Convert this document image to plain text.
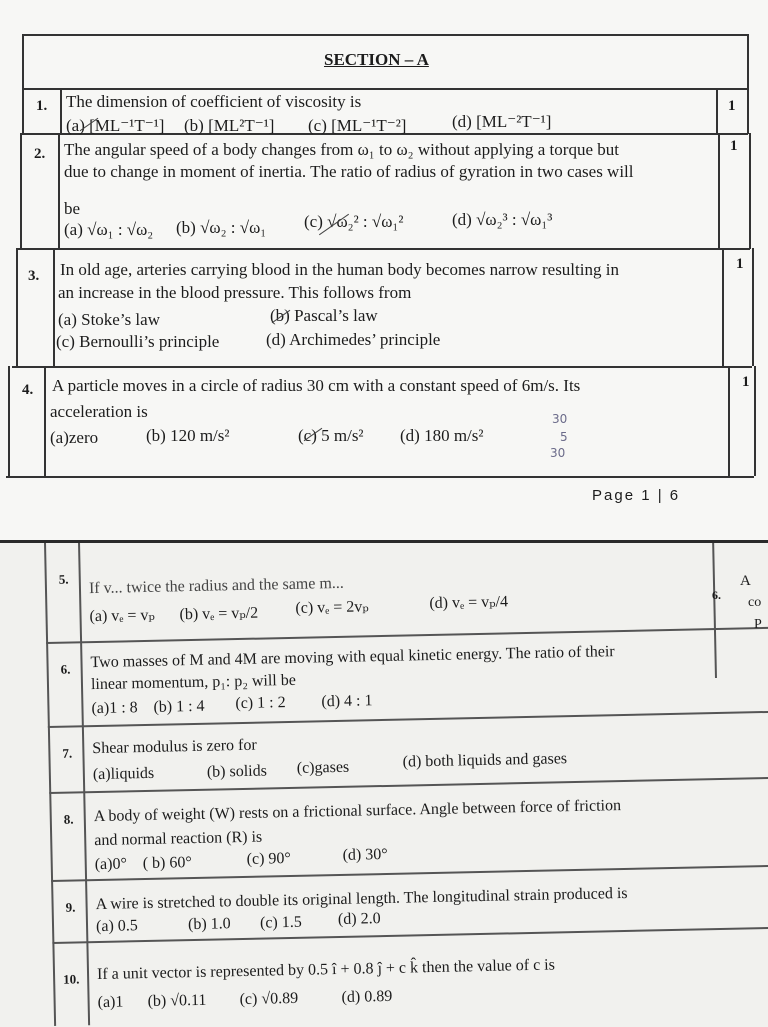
SECTION – A
1. The dimension of coefficient of viscosity is
(a) [ML⁻¹T⁻¹] (b) [ML²T⁻¹] (c) [ML⁻¹T⁻²]	(d) [ML⁻²T⁻¹]
1
2. The angular speed of a body changes from ω₁ to ω₂ without applying a torque but
due to change in moment of inertia. The ratio of radius of gyration in two cases will
be
(a) √ω₁ : √ω₂ (b) √ω₂ : √ω₁ (c) √ω₂² : √ω₁²	(d) √ω₂³ : √ω₁³
1
3. In old age, arteries carrying blood in the human body becomes narrow resulting in
an increase in the blood pressure. This follows from
(a) Stoke’s law	(b) Pascal’s law
(c) Bernoulli’s principle	(d) Archimedes’ principle
1
4. A particle moves in a circle of radius 30 cm with a constant speed of 6m/s. Its
acceleration is
(a)zero	(b) 120 m/s²	(c) 5 m/s² (d) 180 m/s²
1
30
5
30
Page 1 | 6
5. If v... twice the radius and the same m...
(a) vₑ = vₚ (b) vₑ = vₚ/2 (c) vₑ = 2vₚ	(d) vₑ = vₚ/4
6. Two masses of M and 4M are moving with equal kinetic energy. The ratio of their
linear momentum, p₁: p₂ will be
(a)1 : 8 (b) 1 : 4 (c) 1 : 2 (d) 4 : 1
7. Shear modulus is zero for
(a)liquids	(b) solids (c)gases	(d) both liquids and gases
8. A body of weight (W) rests on a frictional surface. Angle between force of friction
and normal reaction (R) is
(a)0° ( b) 60°	(c) 90°	(d) 30°
9. A wire is stretched to double its original length. The longitudinal strain produced is
(a) 0.5	(b) 1.0 (c) 1.5 (d) 2.0
10. If a unit vector is represented by 0.5 î + 0.8 ĵ + c k̂ then the value of c is
(a)1 (b) √0.11 (c) √0.89	(d) 0.89
6.
A
co
P
